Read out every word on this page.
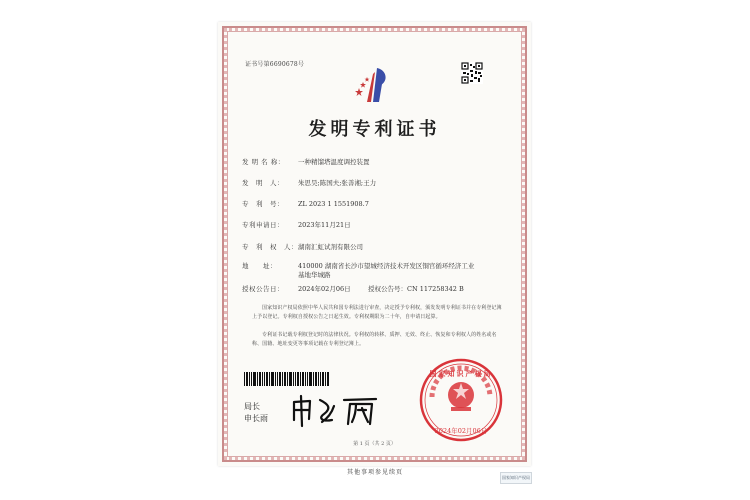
证书号第6690678号
发明专利证书
发 明 名 称： 一种精馏塔温度调控装置
发　明　人： 朱思昊;陈国夫;张善湘;王力
专　利　号： ZL 2023 1 1551908.7
专利申请日： 2023年11月21日
专　利　权　人：湖南汇虹试剂有限公司
地　　址：	410000 湖南省长沙市望城经济技术开发区铜官循环经济工业基地华城路
授权公告日： 2024年02月06日	授权公告号：CN 117258342 B
国家知识产权局依照中华人民共和国专利法进行审查，决定授予专利权，颁发发明专利证书并在专利登记簿上予以登记。专利权自授权公告之日起生效。专利权期限为二十年，自申请日起算。
专利证书记载专利权登记时的法律状况。专利权的转移、质押、无效、终止、恢复和专利权人的姓名或名称、国籍、地址变更等事项记载在专利登记簿上。
局长
申长雨
国家知识产权局
2024年02月06日
第 1 页（共 2 页）
其他事项参见续页
国家知识产权局
